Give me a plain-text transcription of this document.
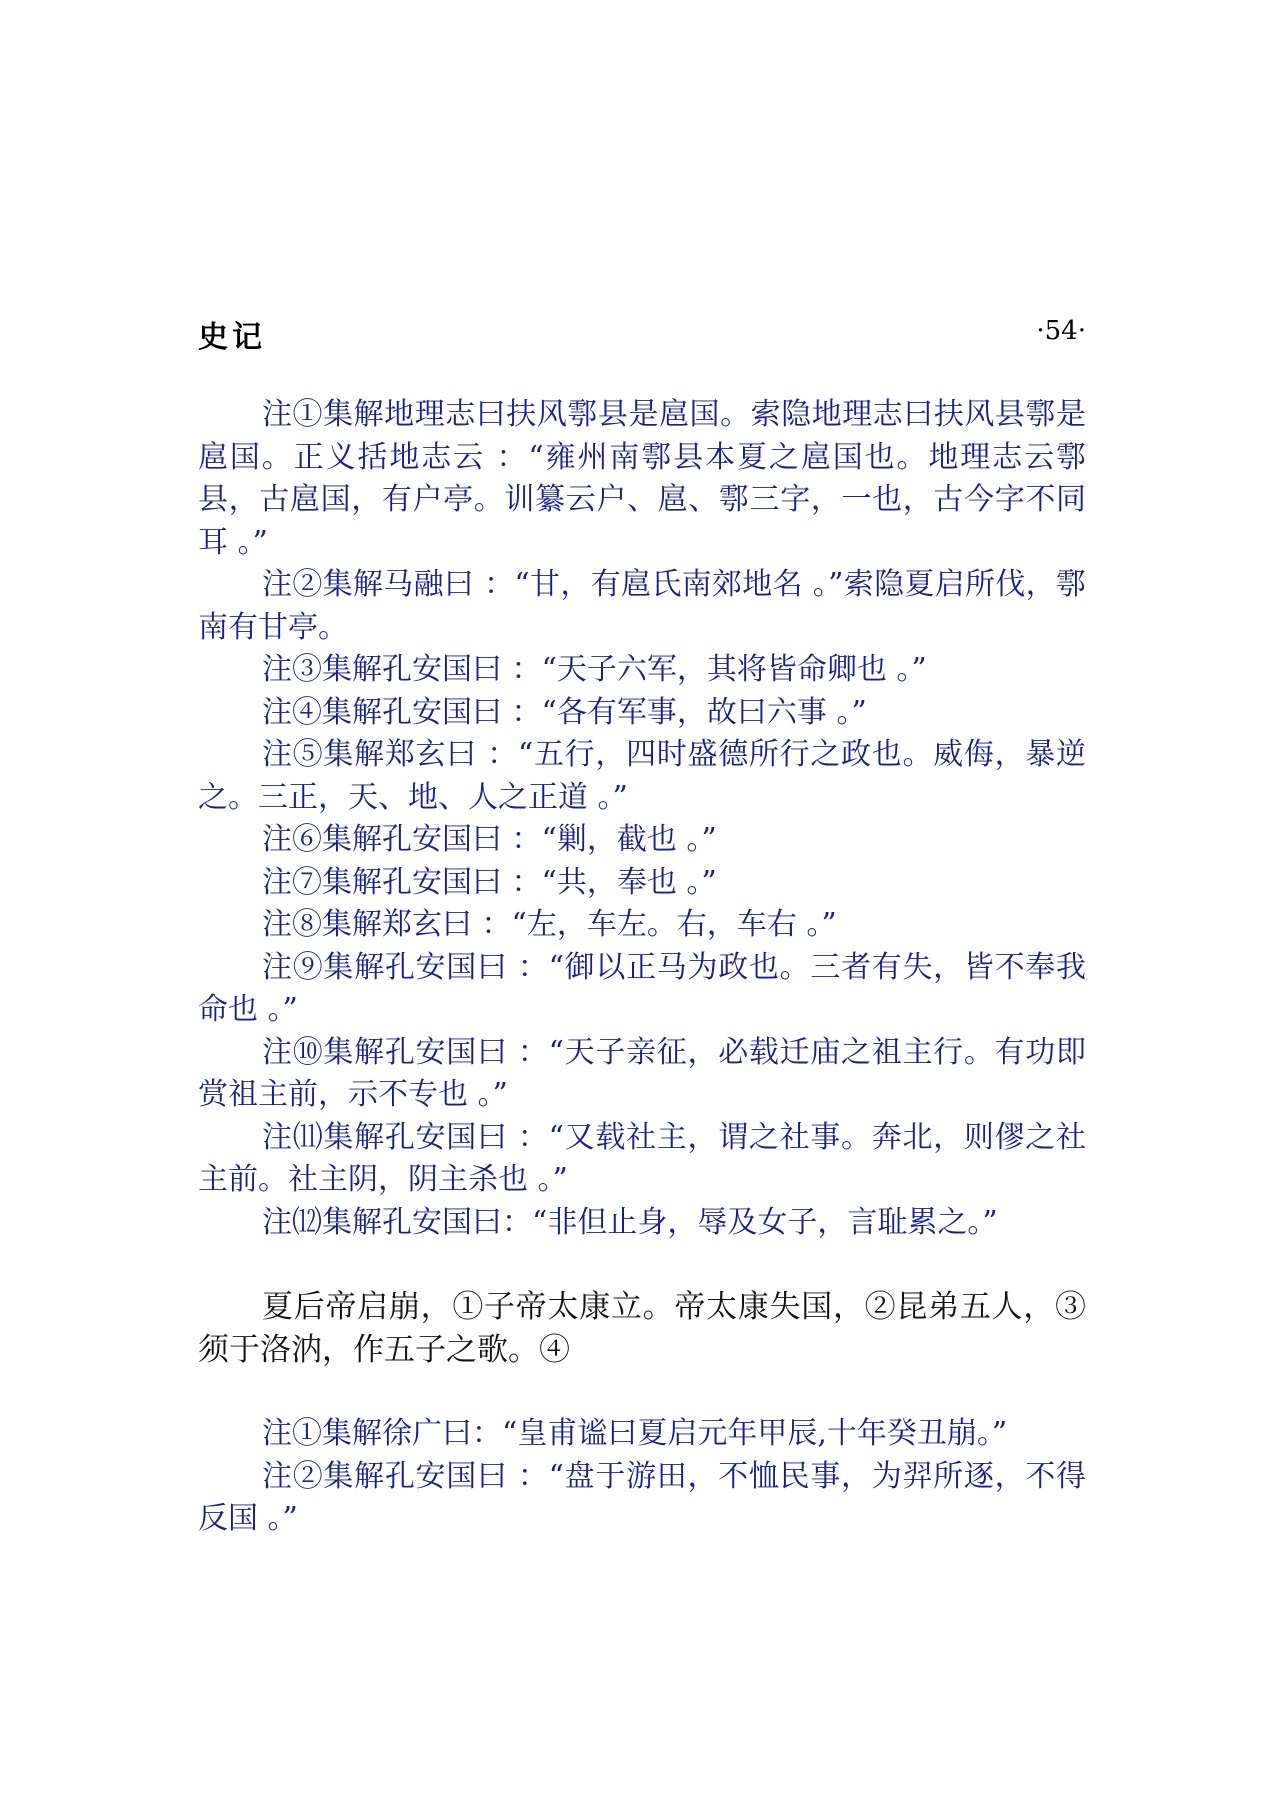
史记	·54·

注①集解地理志曰扶风鄠县是扈国。索隐地理志曰扶风县鄠是扈国。正义括地志云 ：“雍州南鄠县本夏之扈国也。地理志云鄠县，古扈国，有户亭。训纂云户、扈、鄠三字，一也，古今字不同耳 。”

注②集解马融曰 ：“甘，有扈氏南郊地名 。”索隐夏启所伐，鄠南有甘亭。

注③集解孔安国曰 ：“天子六军，其将皆命卿也 。”

注④集解孔安国曰 ：“各有军事，故曰六事 。”

注⑤集解郑玄曰 ：“五行，四时盛德所行之政也。威侮，暴逆之。三正，天、地、人之正道 。”

注⑥集解孔安国曰 ：“剿，截也 。”

注⑦集解孔安国曰 ：“共，奉也 。”

注⑧集解郑玄曰 ：“左，车左。右，车右 。”

注⑨集解孔安国曰 ：“御以正马为政也。三者有失，皆不奉我命也 。”

注⑩集解孔安国曰 ：“天子亲征，必载迁庙之祖主行。有功即赏祖主前，示不专也 。”

注⑾集解孔安国曰 ：“又载社主，谓之社事。奔北，则僇之社主前。社主阴，阴主杀也 。”

注⑿集解孔安国曰：“非但止身，辱及女子，言耻累之。”

夏后帝启崩，①子帝太康立。帝太康失国，②昆弟五人，③须于洛汭，作五子之歌。④

注①集解徐广曰：“皇甫谧曰夏启元年甲辰,十年癸丑崩。”

注②集解孔安国曰 ：“盘于游田，不恤民事，为羿所逐，不得反国 。”
